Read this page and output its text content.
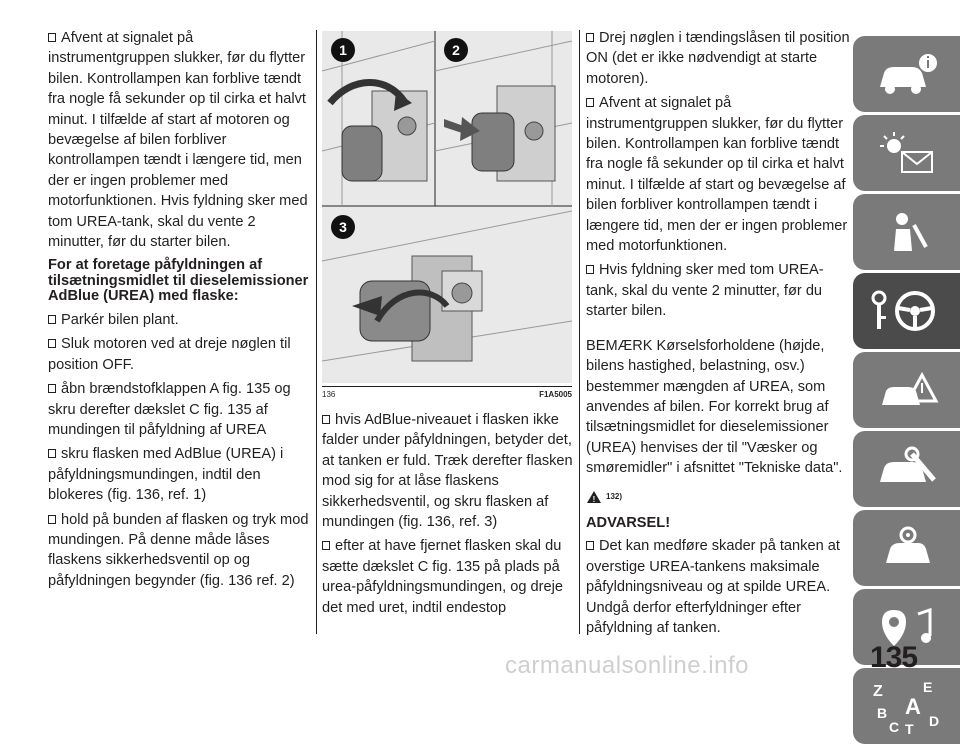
Afvent at signalet på instrumentgruppen slukker, før du flytter bilen. Kontrollampen kan forblive tændt fra nogle få sekunder op til cirka et halvt minut. I tilfælde af start af motoren og bevægelse af bilen forbliver kontrollampen tændt i længere tid, men der er ingen problemer med motorfunktionen. Hvis fyldning sker med tom UREA-tank, skal du vente 2 minutter, før du starter bilen.

For at foretage påfyldningen af tilsætningsmidlet til dieselemissioner AdBlue (UREA) med flaske:

Parkér bilen plant.

Sluk motoren ved at dreje nøglen til position OFF.

åbn brændstofklappen A fig. 135 og skru derefter dækslet C fig. 135 af mundingen til påfyldning af UREA

skru flasken med AdBlue (UREA) i påfyldningsmundingen, indtil den blokeres (fig. 136, ref. 1)

hold på bunden af flasken og tryk mod mundingen. På denne måde låses flaskens sikkerhedsventil op og påfyldningen begynder (fig. 136 ref. 2)

1	2
3
136	F1A5005

hvis AdBlue-niveauet i flasken ikke falder under påfyldningen, betyder det, at tanken er fuld. Træk derefter flasken mod sig for at låse flaskens sikkerhedsventil, og skru flasken af mundingen (fig. 136, ref. 3)

efter at have fjernet flasken skal du sætte dækslet C fig. 135 på plads på urea-påfyldningsmundingen, og dreje det med uret, indtil endestop

Drej nøglen i tændingslåsen til position ON (det er ikke nødvendigt at starte motoren).

Afvent at signalet på instrumentgruppen slukker, før du flytter bilen. Kontrollampen kan forblive tændt fra nogle få sekunder op til cirka et halvt minut. I tilfælde af start og bevægelse af bilen forbliver kontrollampen tændt i længere tid, men der er ingen problemer med motorfunktionen.

Hvis fyldning sker med tom UREA-tank, skal du vente 2 minutter, før du starter bilen.

BEMÆRK Kørselsforholdene (højde, bilens hastighed, belastning, osv.) bestemmer mængden af UREA, som anvendes af bilen. For korrekt brug af tilsætningsmidlet for dieselemissioner (UREA) henvises der til "Væsker og smøremidler" i afsnittet "Tekniske data".

! 132)
ADVARSEL!

Det kan medføre skader på tanken at overstige UREA-tankens maksimale påfyldningsniveau og at spilde UREA. Undgå derfor efterfyldninger efter påfyldning af tanken.

Z	E
B A
C T D
135
carmanualsonline.info
